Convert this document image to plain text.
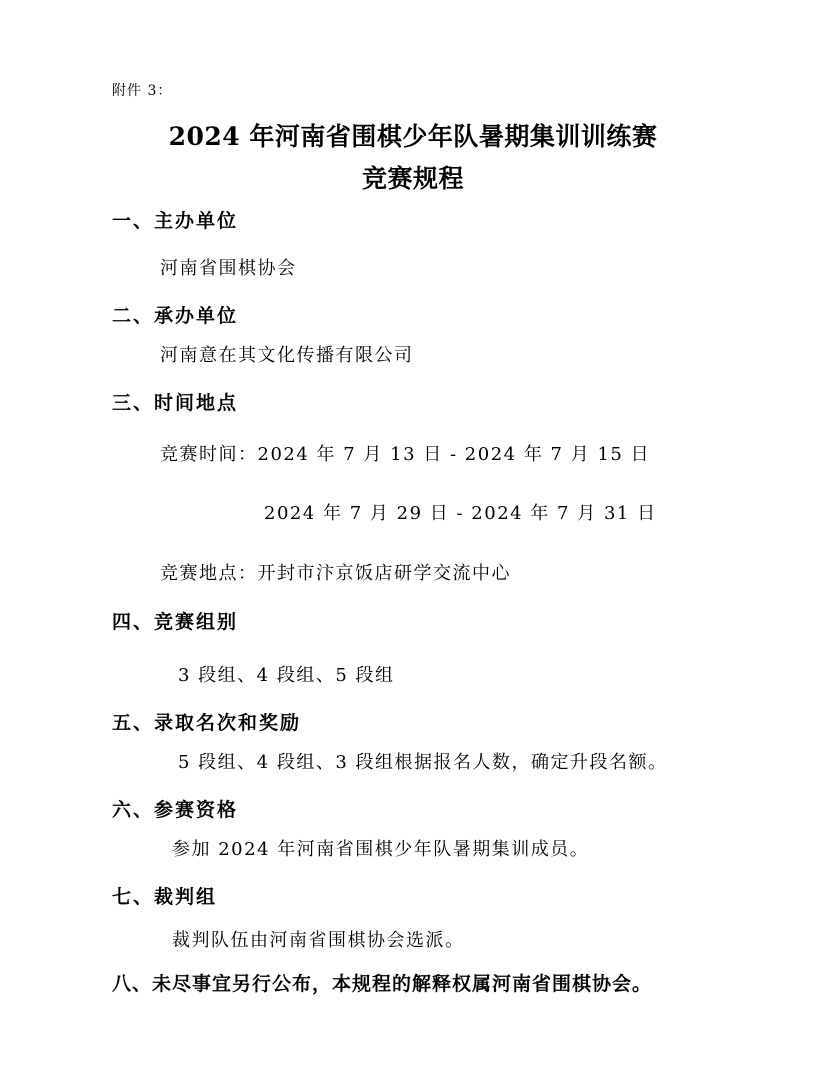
附件 3：
2024 年河南省围棋少年队暑期集训训练赛
竞赛规程
一、主办单位
河南省围棋协会
二、承办单位
河南意在其文化传播有限公司
三、时间地点
竞赛时间：2024 年 7 月 13 日 - 2024 年 7 月 15 日
2024 年 7 月 29 日 - 2024 年 7 月 31 日
竞赛地点：开封市汴京饭店研学交流中心
四、竞赛组别
3 段组、4 段组、5 段组
五、录取名次和奖励
5 段组、4 段组、3 段组根据报名人数，确定升段名额。
六、参赛资格
参加 2024 年河南省围棋少年队暑期集训成员。
七、裁判组
裁判队伍由河南省围棋协会选派。
八、未尽事宜另行公布，本规程的解释权属河南省围棋协会。
